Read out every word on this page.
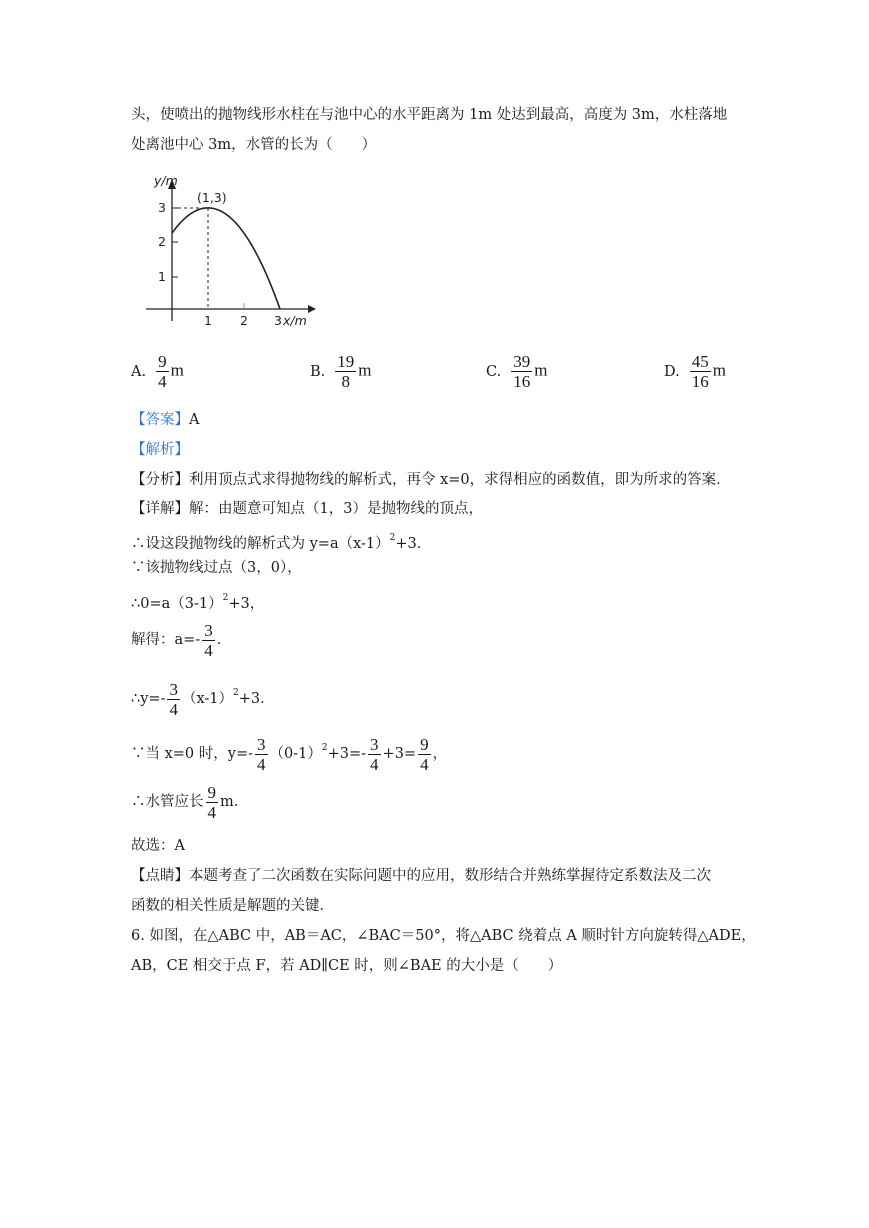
头，使喷出的抛物线形水柱在与池中心的水平距离为 1m 处达到最高，高度为 3m，水柱落地
处离池中心 3m，水管的长为（　　）
y/m
(1,3)
3
2
1
1 2 3 x/m
A. $\frac{9}{4}$ m	B. $\frac{19}{8}$ m	C. $\frac{39}{16}$ m	D. $\frac{45}{16}$ m
【答案】A
【解析】
【分析】利用顶点式求得抛物线的解析式，再令 x=0，求得相应的函数值，即为所求的答案．
【详解】解：由题意可知点（1，3）是抛物线的顶点，
∴设这段抛物线的解析式为 $y=a(x-1)^2+3$．
∵该抛物线过点（3，0），
$\therefore 0=a(3-1)^2+3$，
解得：$a=- \frac{3}{4}$ ．
∴y=- $\frac{3}{4} (x-1)^2+3$．
∵当 x=0 时，$y=- \frac{3}{4} (0-1)^2+3=- \frac{3}{4} +3= \frac{9}{4}$ ，
∴水管应长 $\frac{9}{4}$ m．
故选：A
【点睛】本题考查了二次函数在实际问题中的应用，数形结合并熟练掌握待定系数法及二次
函数的相关性质是解题的关键．
6. 如图，在△ABC 中，AB＝AC，∠BAC＝50°，将△ABC 绕着点 A 顺时针方向旋转得△ADE，
AB，CE 相交于点 F，若 AD∥CE 时，则∠BAE 的大小是（　　）
